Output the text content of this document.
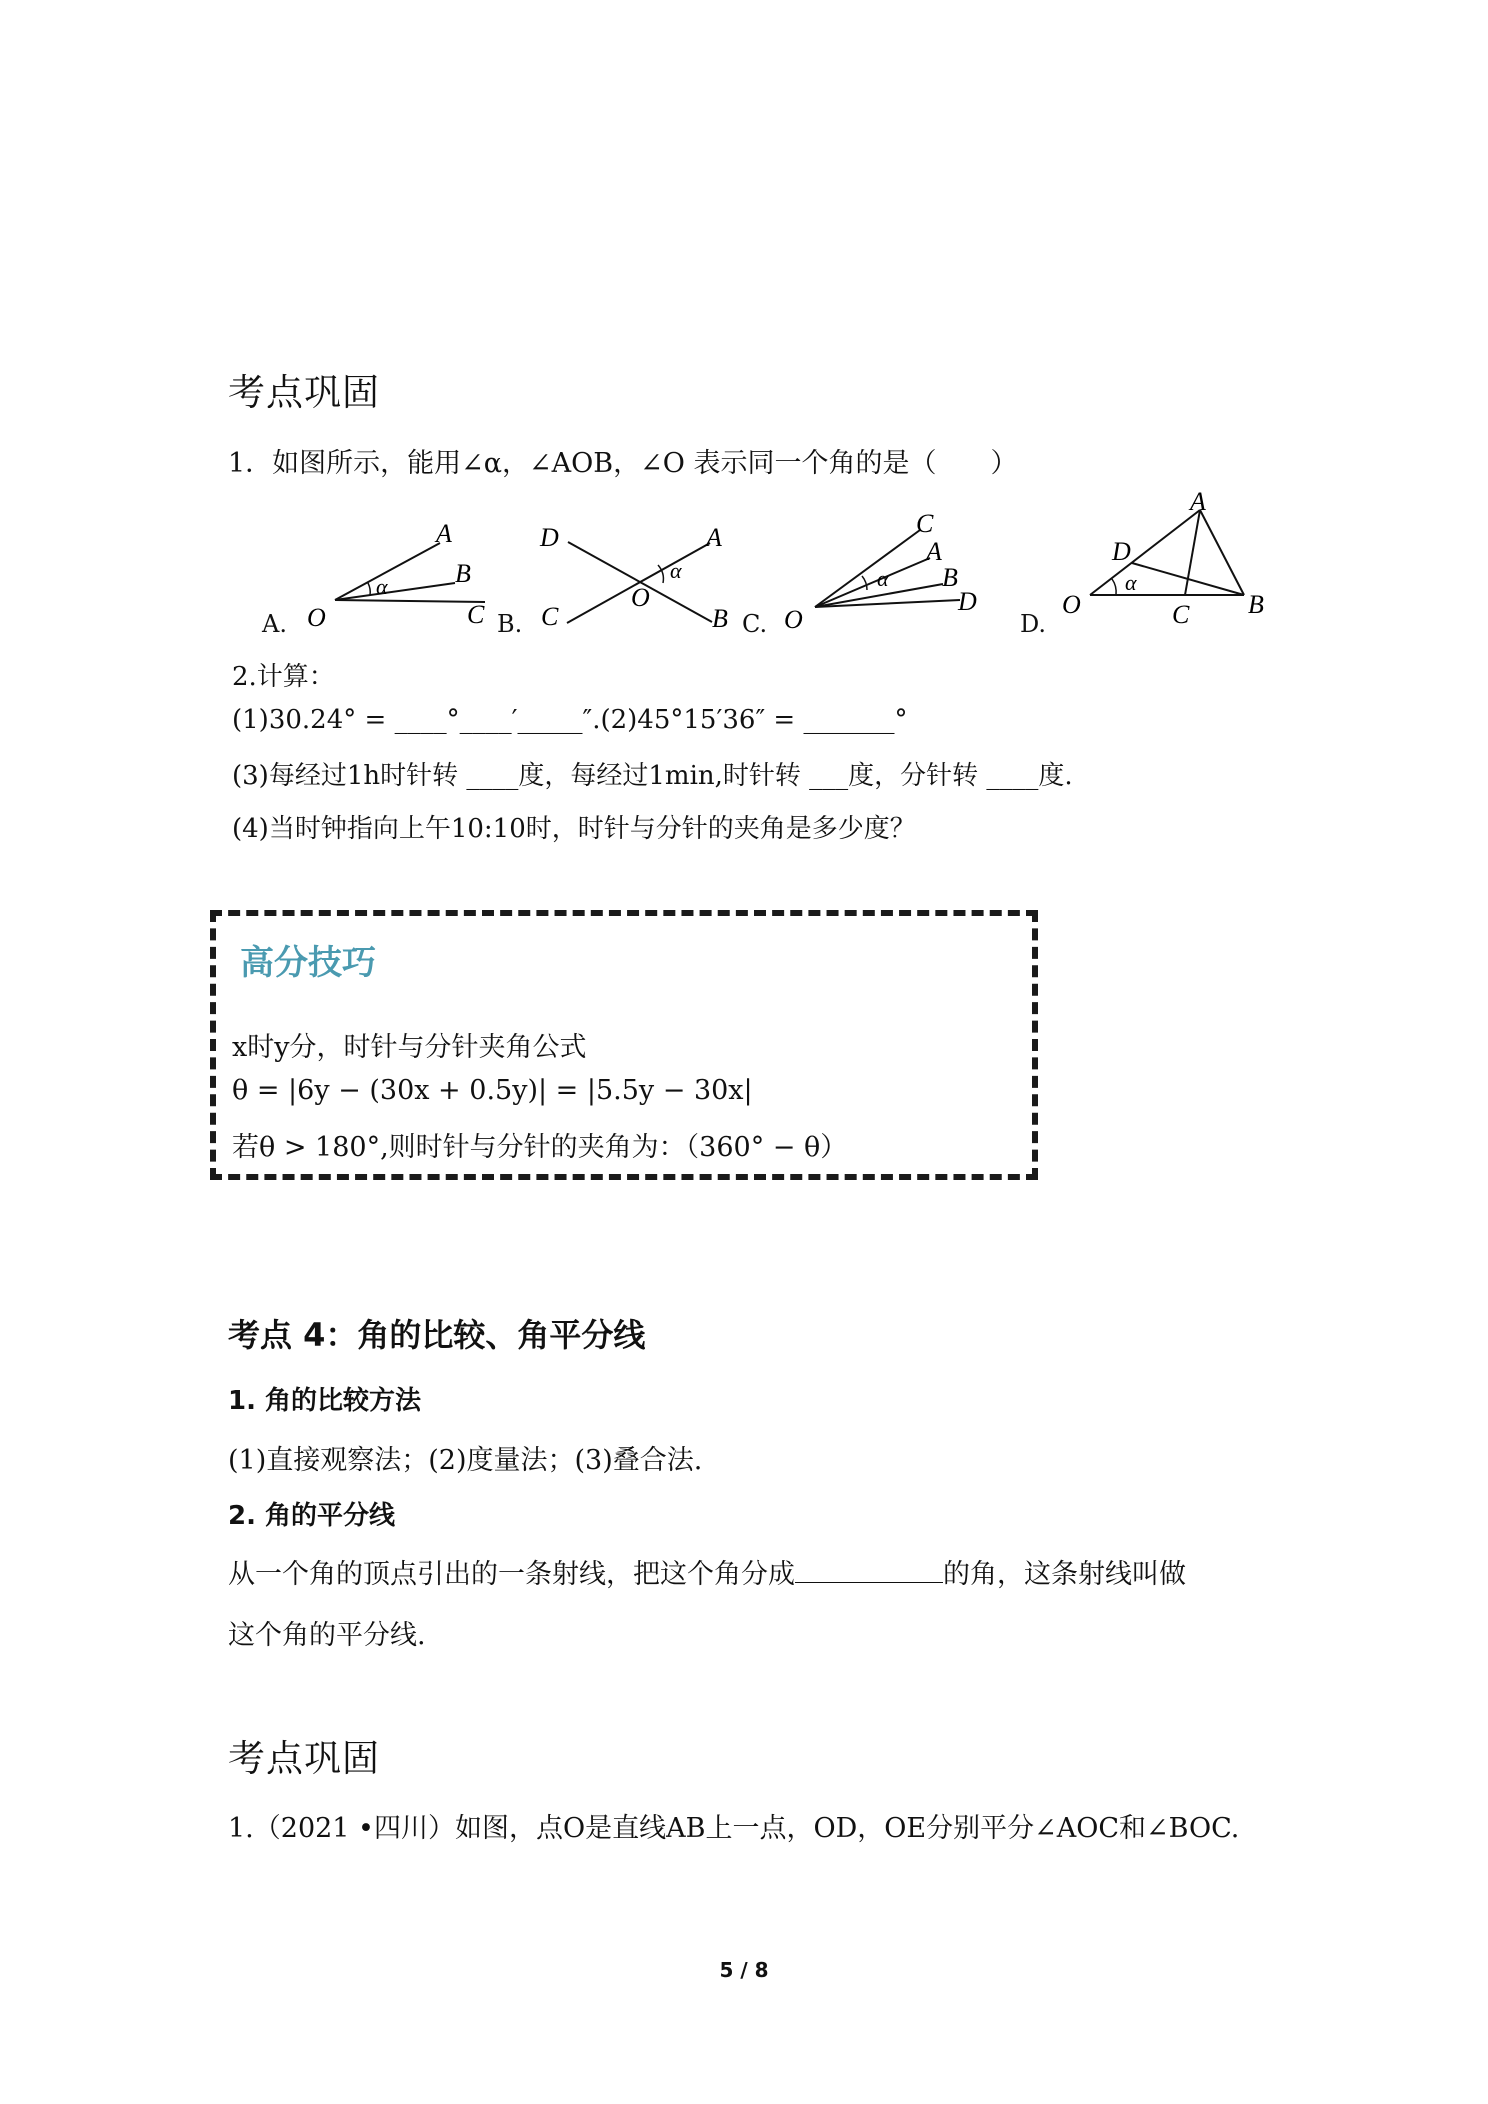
考点巩固
1．如图所示，能用∠α，∠AOB，∠O 表示同一个角的是（　　）
O
A
B
C
α
D	A
C
O
B
α
O
C
A
B
D
α
O
A
D
C B
α
A.	B.	C.	D.
2.计算：
(1)30.24° = ____°____′_____″.(2)45°15′36″ = _______°
(3)每经过1h时针转 ____度，每经过1min,时针转 ___度，分针转 ____度.
(4)当时钟指向上午10:10时，时针与分针的夹角是多少度？
高分技巧
x时y分，时针与分针夹角公式
θ = |6y − (30x + 0.5y)| = |5.5y − 30x|
若θ > 180°,则时针与分针的夹角为：（360° − θ）
考点 4：角的比较、角平分线
1. 角的比较方法
(1)直接观察法；(2)度量法；(3)叠合法.
2. 角的平分线
从一个角的顶点引出的一条射线，把这个角分成	的角，这条射线叫做
这个角的平分线.
考点巩固
1.（2021 •四川）如图，点O是直线AB上一点，OD，OE分别平分∠AOC和∠BOC.
5 / 8
